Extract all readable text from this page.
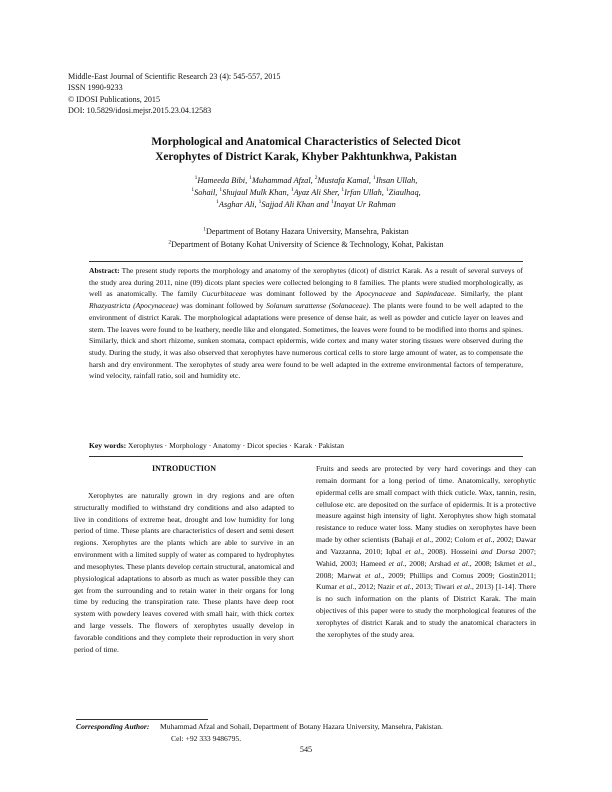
Middle-East Journal of Scientific Research 23 (4): 545-557, 2015
ISSN 1990-9233
© IDOSI Publications, 2015
DOI: 10.5829/idosi.mejsr.2015.23.04.12583
Morphological and Anatomical Characteristics of Selected Dicot
Xerophytes of District Karak, Khyber Pakhtunkhwa, Pakistan
$^1$Hameeda Bibi, $^1$Muhammad Afzal, $^2$Mustafa Kamal, $^1$Ihsan Ullah,
$^1$Sohail, $^1$Shujaul Mulk Khan, $^1$Ayaz Ali Sher, $^1$Irfan Ullah, $^1$Ziaulhaq,
$^1$Asghar Ali, $^1$Sajjad Ali Khan and $^1$Inayat Ur Rahman
$^1$Department of Botany Hazara University, Mansehra, Pakistan
$^2$Department of Botany Kohat University of Science & Technology, Kohat, Pakistan
Abstract: The present study reports the morphology and anatomy of the xerophytes (dicot) of district Karak. As a result of several surveys of the study area during 2011, nine (09) dicots plant species were collected belonging to 8 families. The plants were studied morphologically, as well as anatomically. The family Cucurbitaceae was dominant followed by the Apocynaceae and Sapindaceae. Similarly, the plant Rhazyastricta (Apocynaceae) was dominant followed by Solanum surattense (Solanaceae). The plants were found to be well adapted to the environment of district Karak. The morphological adaptations were presence of dense hair, as well as powder and cuticle layer on leaves and stem. The leaves were found to be leathery, needle like and elongated. Sometimes, the leaves were found to be modified into thorns and spines. Similarly, thick and short rhizome, sunken stomata, compact epidermis, wide cortex and many water storing tissues were observed during the study. During the study, it was also observed that xerophytes have numerous cortical cells to store large amount of water, as to compensate the harsh and dry environment. The xerophytes of study area were found to be well adapted in the extreme environmental factors of temperature, wind velocity, rainfall ratio, soil and humidity etc.
Key words: Xerophytes · Morphology · Anatomy · Dicot species · Karak · Pakistan
INTRODUCTION

Xerophytes are naturally grown in dry regions and are often structurally modified to withstand dry conditions and also adapted to live in conditions of extreme heat, drought and low humidity for long period of time. These plants are characteristics of desert and semi desert regions. Xerophytes are the plants which are able to survive in an environment with a limited supply of water as compared to hydrophytes and mesophytes. These plants develop certain structural, anatomical and physiological adaptations to absorb as much as water possible they can get from the surrounding and to retain water in their organs for long time by reducing the transpiration rate. These plants have deep root system with powdery leaves covered with small hair, with thick cortex and large vessels. The flowers of xerophytes usually develop in favorable conditions and they complete their reproduction in very short period of time.

Fruits and seeds are protected by very hard coverings and they can remain dormant for a long period of time. Anatomically, xerophytic epidermal cells are small compact with thick cuticle. Wax, tannin, resin, cellulose etc. are deposited on the surface of epidermis. It is a protective measure against high intensity of light. Xerophytes show high stomatal resistance to reduce water loss. Many studies on xerophytes have been made by other scientists (Bahaji et al., 2002; Colom et al., 2002; Dawar and Vazzanna, 2010; Iqbal et al., 2008). Hosseini and Dorsa 2007; Wahid, 2003; Hameed et al., 2008; Arshad et al., 2008; Iskmet et al., 2008; Marwat et al., 2009; Phillips and Comus 2009; Gostin2011; Kumar et al., 2012; Nazir et al., 2013; Tiwari et al., 2013) [1-14]. There is no such information on the plants of District Karak. The main objectives of this paper were to study the morphological features of the xerophytes of district Karak and to study the anatomical characters in the xerophytes of the study area.

Corresponding Author: Muhammad Afzal and Sohail, Department of Botany Hazara University, Mansehra, Pakistan.
Cel: +92 333 9486795.
545
